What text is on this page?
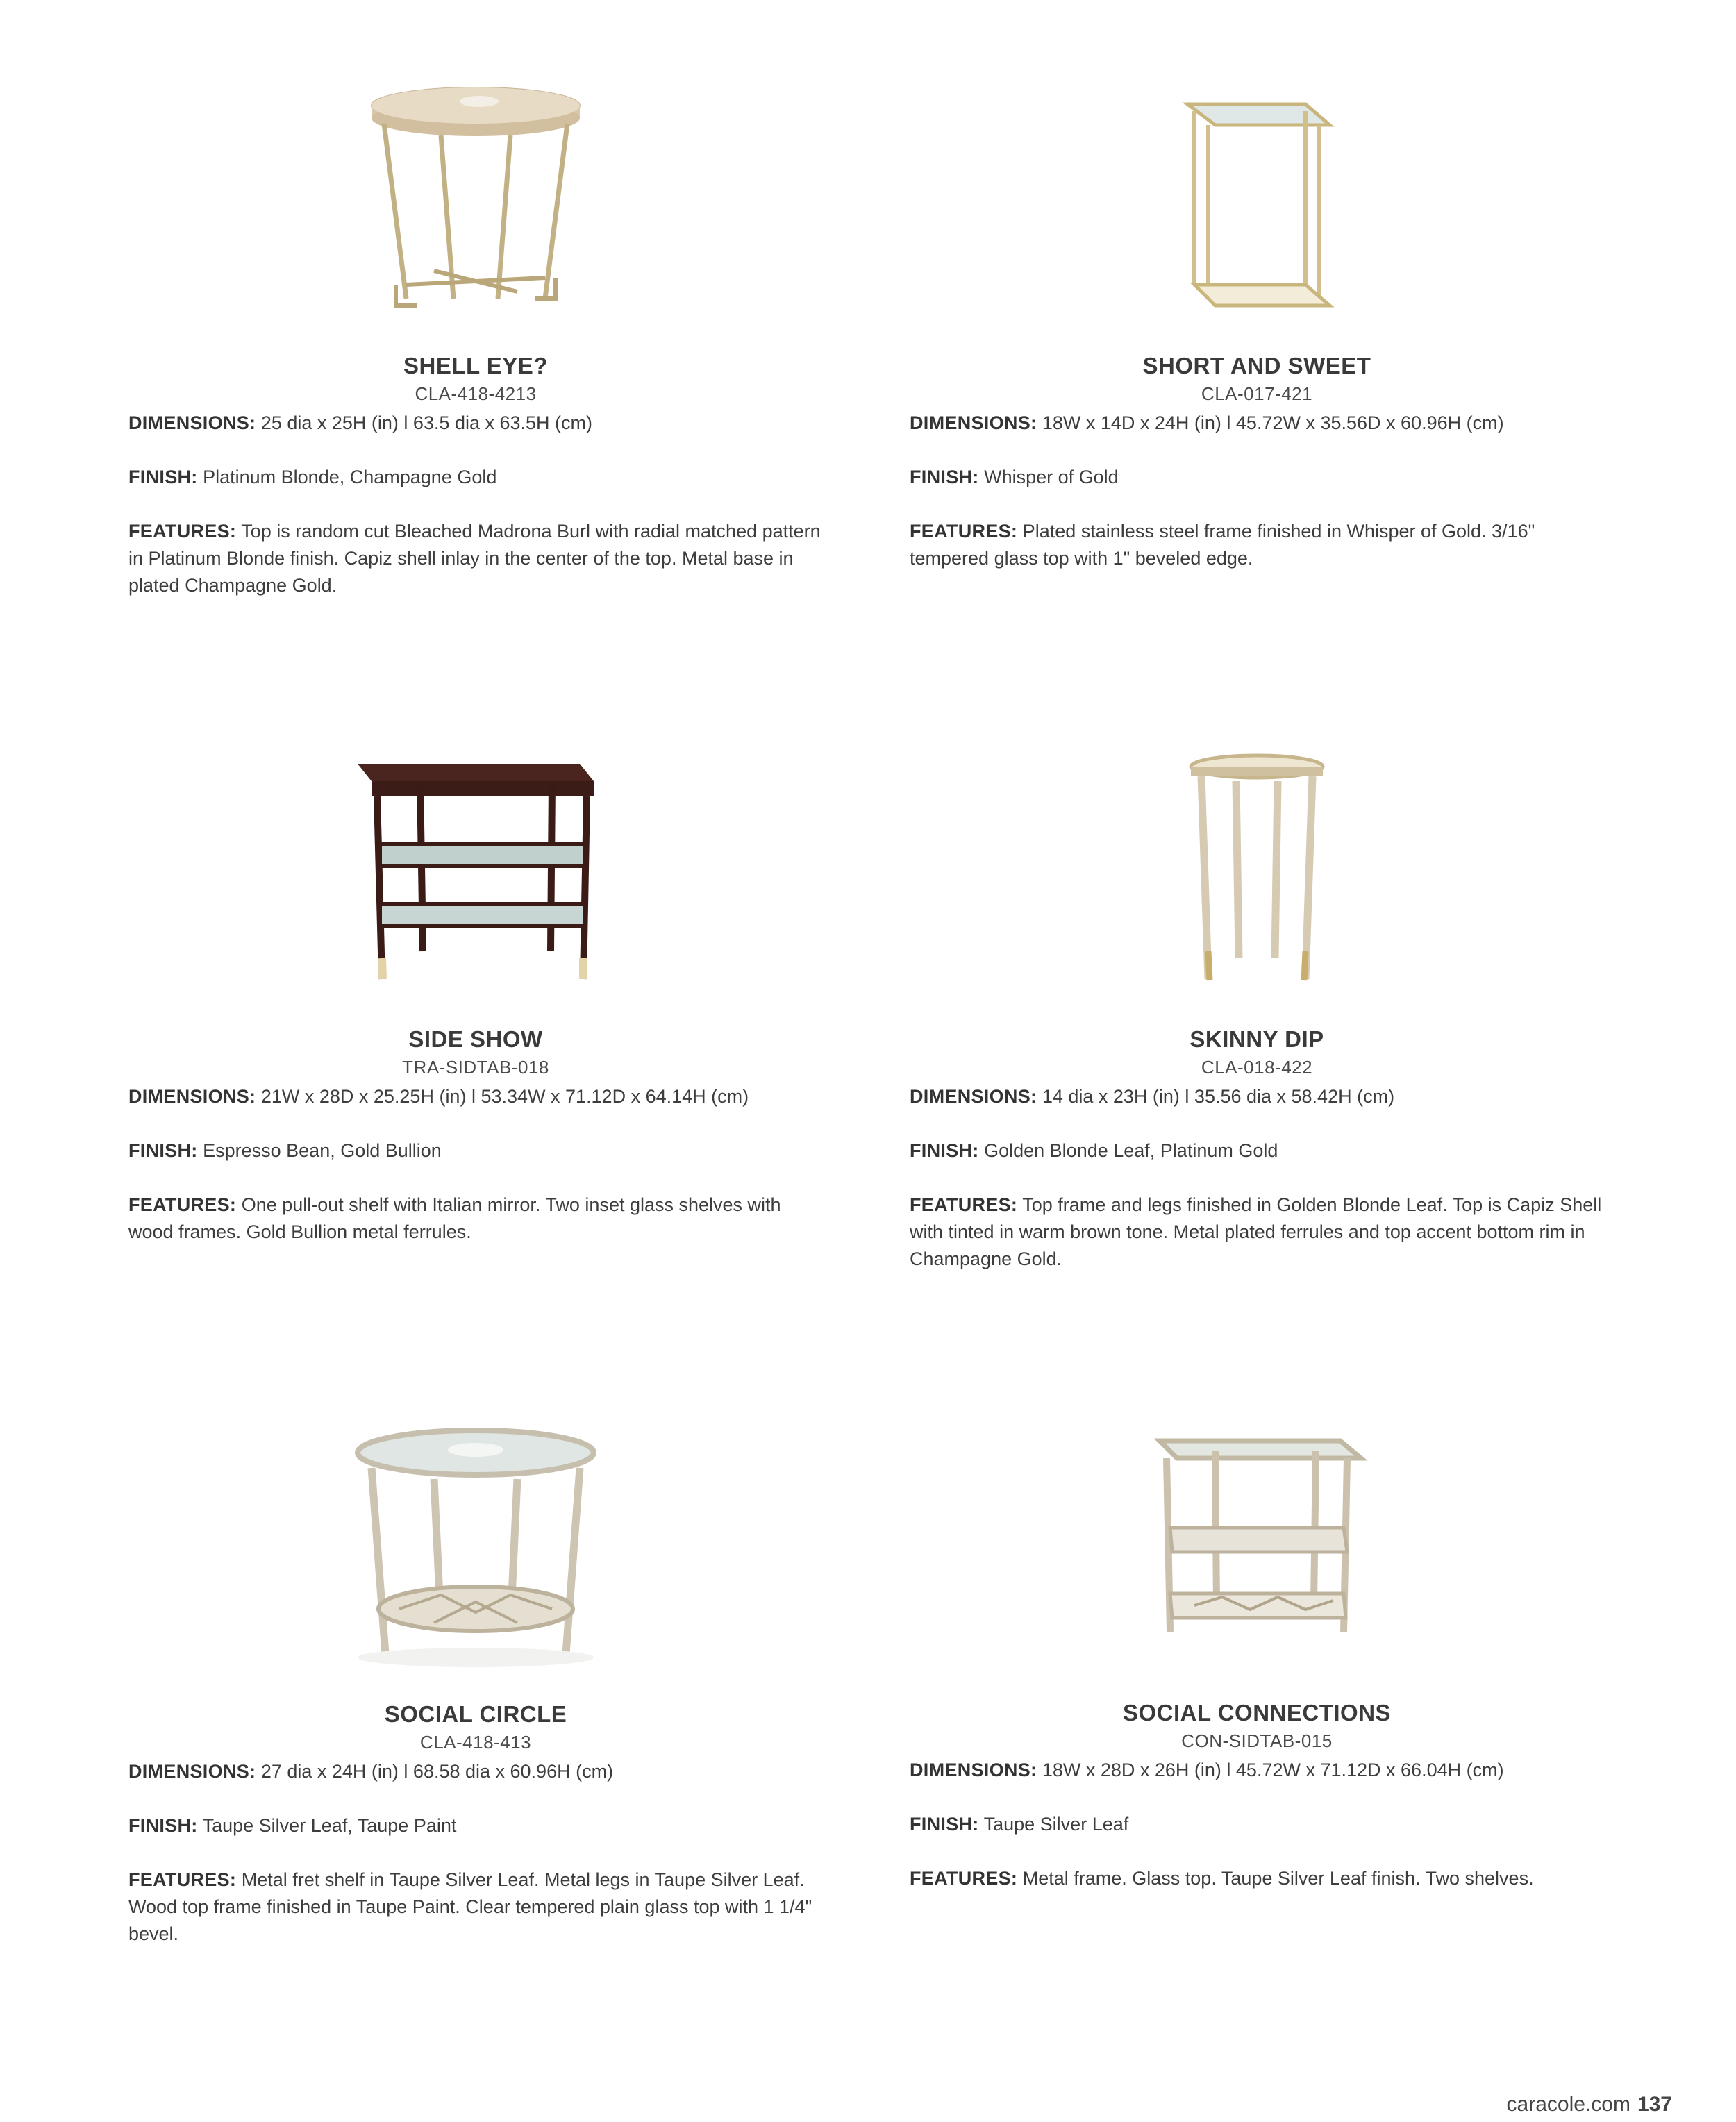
SHELL EYE?
CLA-418-4213
DIMENSIONS: 25 dia x 25H (in) l 63.5 dia x 63.5H (cm)
FINISH: Platinum Blonde, Champagne Gold
FEATURES: Top is random cut Bleached Madrona Burl with radial matched pattern in Platinum Blonde finish. Capiz shell inlay in the center of the top. Metal base in plated Champagne Gold.
SHORT AND SWEET
CLA-017-421
DIMENSIONS: 18W x 14D x 24H (in) l 45.72W x 35.56D x 60.96H (cm)
FINISH: Whisper of Gold
FEATURES: Plated stainless steel frame finished in Whisper of Gold. 3/16" tempered glass top with 1" beveled edge.
SIDE SHOW
TRA-SIDTAB-018
DIMENSIONS: 21W x 28D x 25.25H (in) l 53.34W x 71.12D x 64.14H (cm)
FINISH: Espresso Bean, Gold Bullion
FEATURES: One pull-out shelf with Italian mirror. Two inset glass shelves with wood frames. Gold Bullion metal ferrules.
SKINNY DIP
CLA-018-422
DIMENSIONS: 14 dia x 23H (in) l 35.56 dia x 58.42H (cm)
FINISH: Golden Blonde Leaf, Platinum Gold
FEATURES: Top frame and legs finished in Golden Blonde Leaf. Top is Capiz Shell with tinted in warm brown tone. Metal plated ferrules and top accent bottom rim in Champagne Gold.
SOCIAL CIRCLE
CLA-418-413
DIMENSIONS: 27 dia x 24H (in) l 68.58 dia x 60.96H (cm)
FINISH: Taupe Silver Leaf, Taupe Paint
FEATURES: Metal fret shelf in Taupe Silver Leaf. Metal legs in Taupe Silver Leaf. Wood top frame finished in Taupe Paint. Clear tempered plain glass top with 1 1/4" bevel.
SOCIAL CONNECTIONS
CON-SIDTAB-015
DIMENSIONS: 18W x 28D x 26H (in) l 45.72W x 71.12D x 66.04H (cm)
FINISH: Taupe Silver Leaf
FEATURES: Metal frame. Glass top. Taupe Silver Leaf finish. Two shelves.
caracole.com 137
